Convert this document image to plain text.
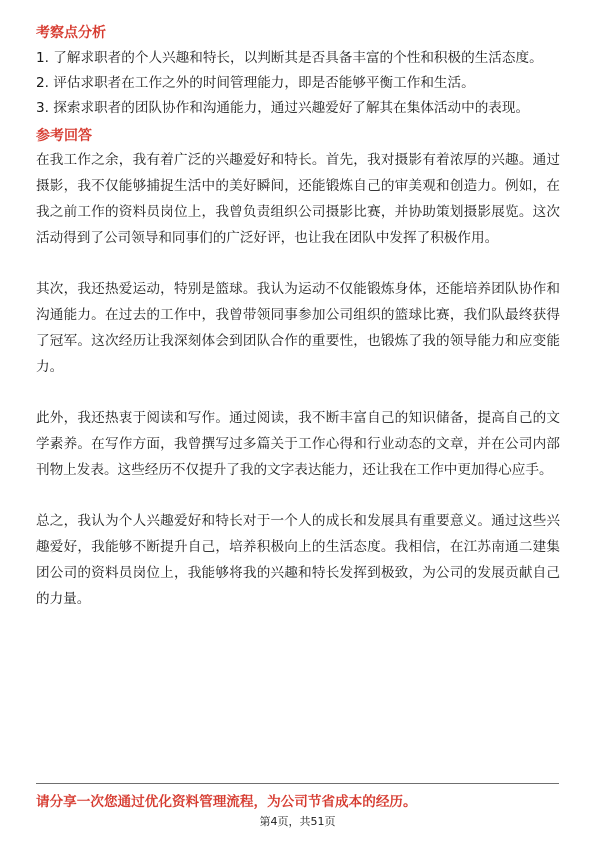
考察点分析
1. 了解求职者的个人兴趣和特长，以判断其是否具备丰富的个性和积极的生活态度。
2. 评估求职者在工作之外的时间管理能力，即是否能够平衡工作和生活。
3. 探索求职者的团队协作和沟通能力，通过兴趣爱好了解其在集体活动中的表现。
参考回答

在我工作之余，我有着广泛的兴趣爱好和特长。首先，我对摄影有着浓厚的兴趣。通过摄影，我不仅能够捕捉生活中的美好瞬间，还能锻炼自己的审美观和创造力。例如，在我之前工作的资料员岗位上，我曾负责组织公司摄影比赛，并协助策划摄影展览。这次活动得到了公司领导和同事们的广泛好评，也让我在团队中发挥了积极作用。

其次，我还热爱运动，特别是篮球。我认为运动不仅能锻炼身体，还能培养团队协作和沟通能力。在过去的工作中，我曾带领同事参加公司组织的篮球比赛，我们队最终获得了冠军。这次经历让我深刻体会到团队合作的重要性，也锻炼了我的领导能力和应变能力。

此外，我还热衷于阅读和写作。通过阅读，我不断丰富自己的知识储备，提高自己的文学素养。在写作方面，我曾撰写过多篇关于工作心得和行业动态的文章，并在公司内部刊物上发表。这些经历不仅提升了我的文字表达能力，还让我在工作中更加得心应手。

总之，我认为个人兴趣爱好和特长对于一个人的成长和发展具有重要意义。通过这些兴趣爱好，我能够不断提升自己，培养积极向上的生活态度。我相信，在江苏南通二建集团公司的资料员岗位上，我能够将我的兴趣和特长发挥到极致，为公司的发展贡献自己的力量。

请分享一次您通过优化资料管理流程，为公司节省成本的经历。
第4页，共51页
